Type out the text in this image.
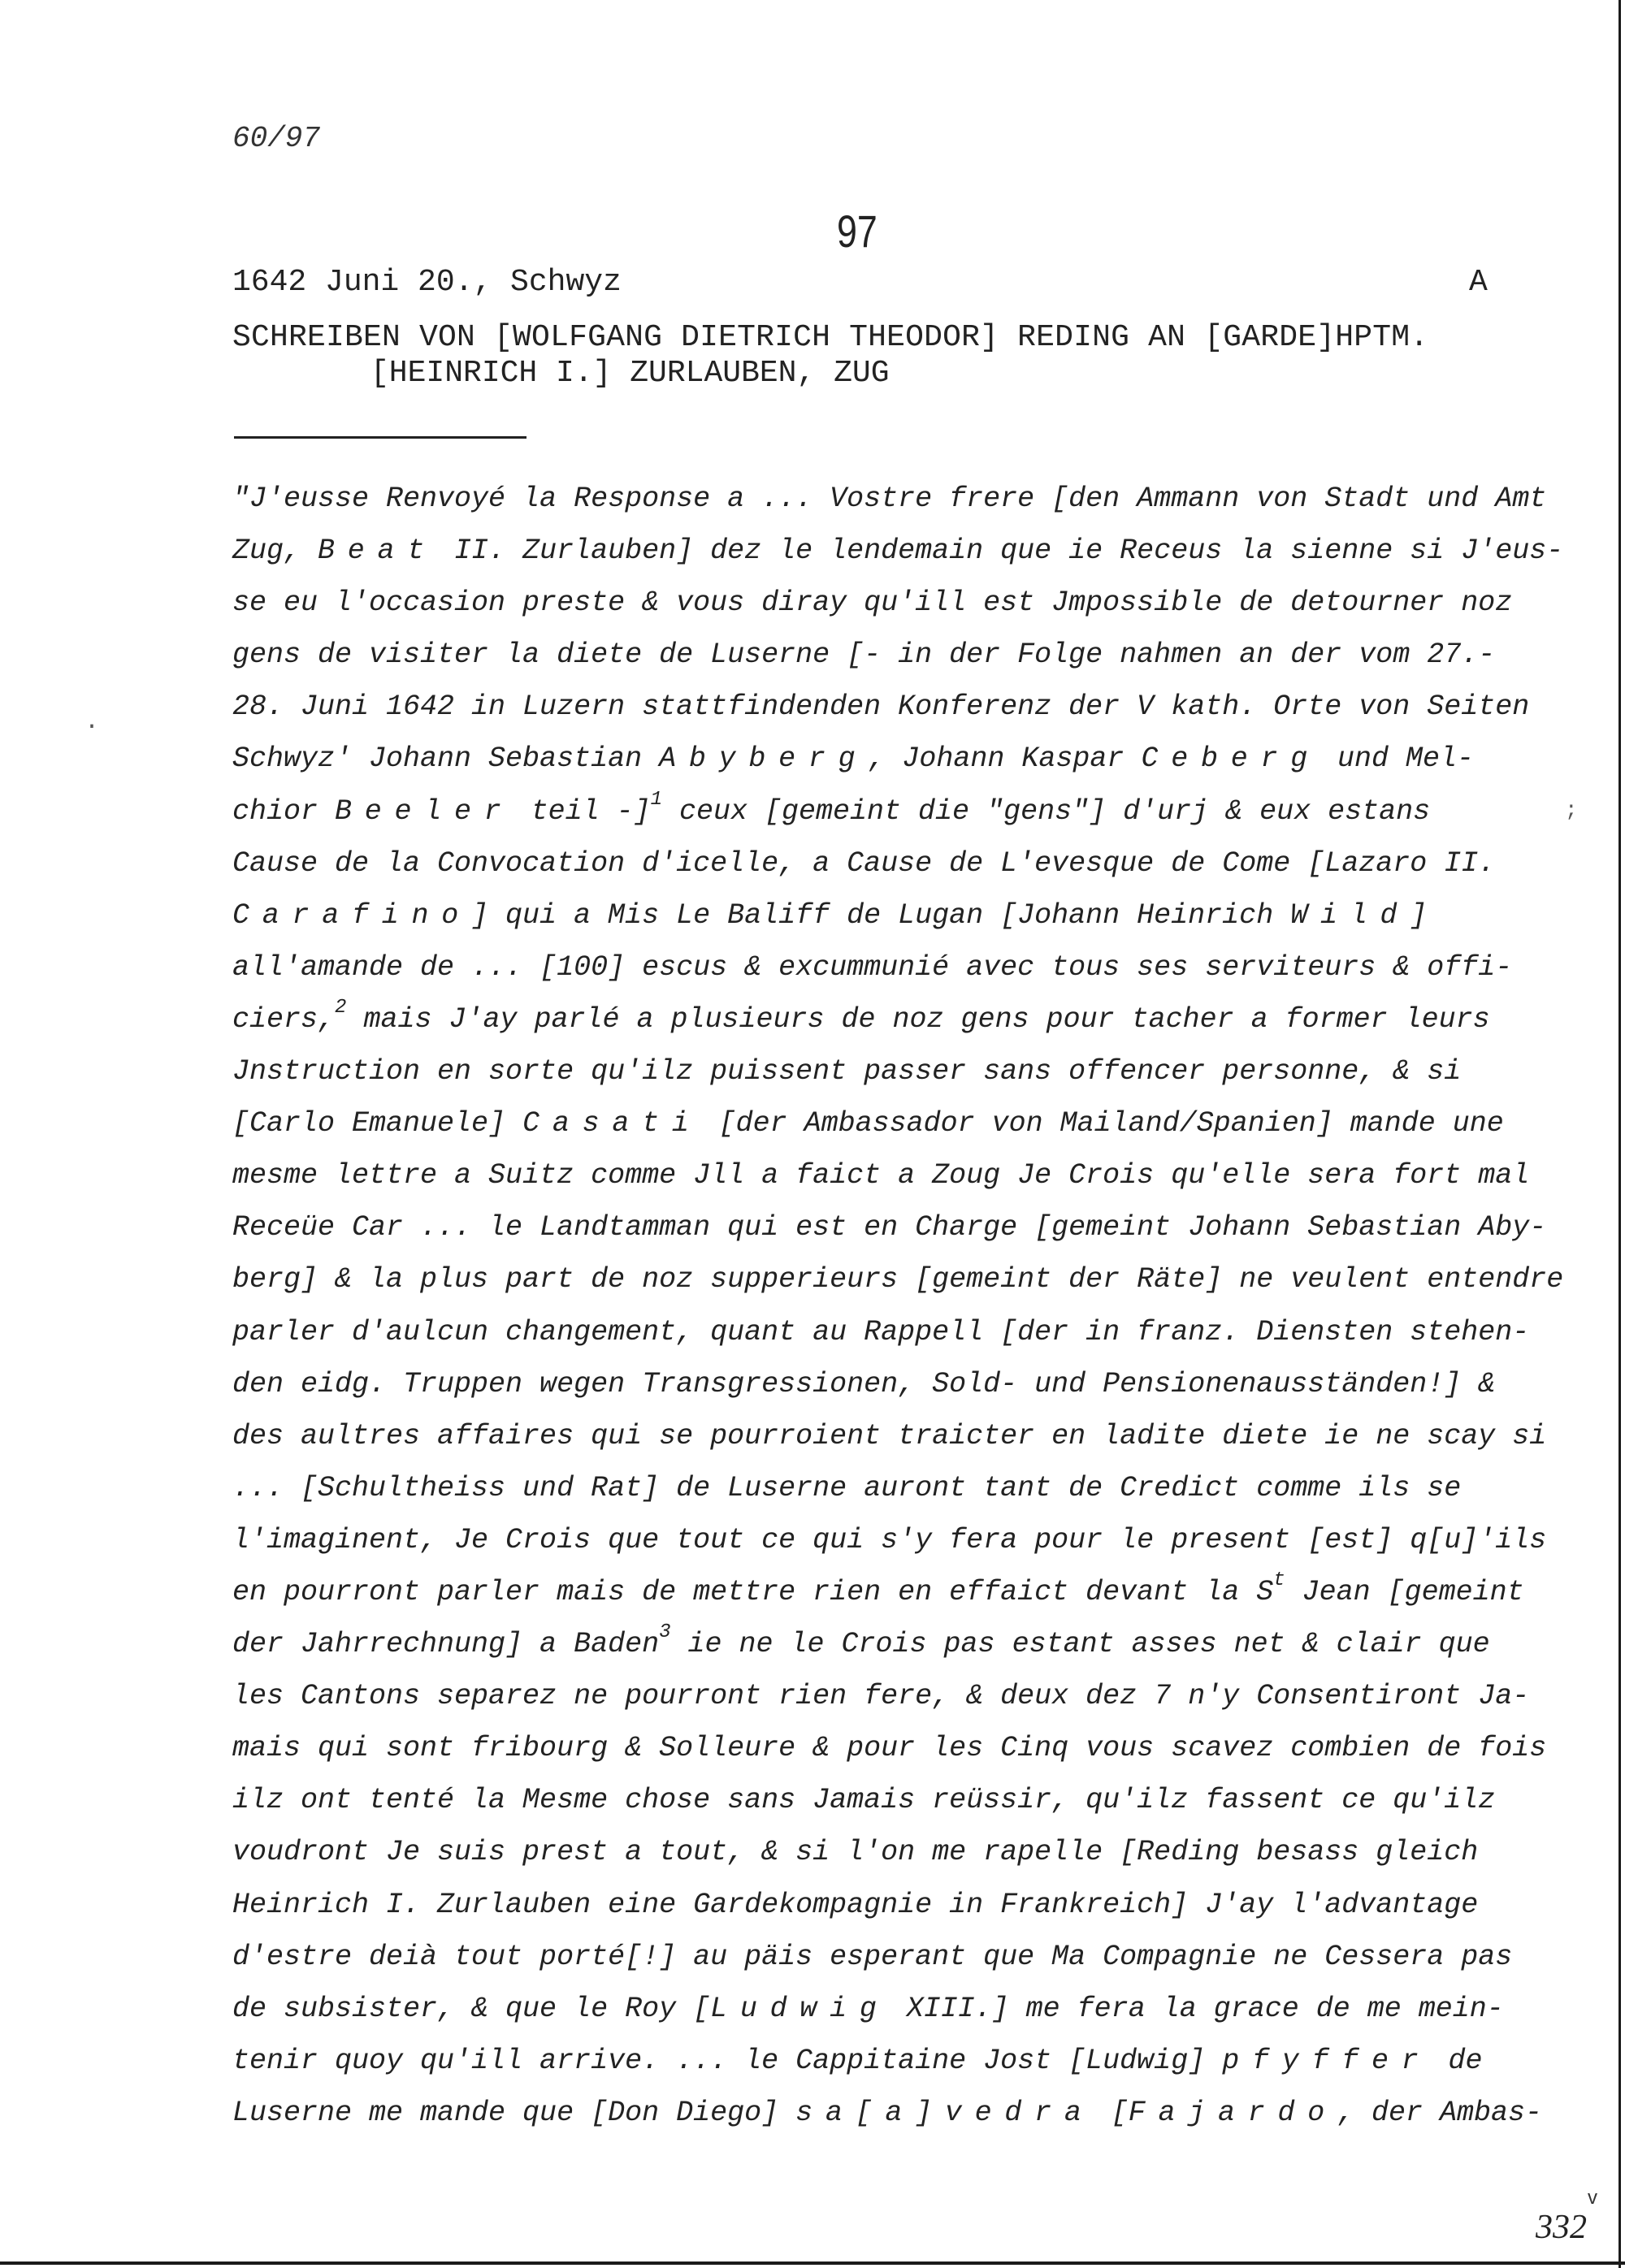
60/97
97
1642 Juni 20., Schwyz	A
SCHREIBEN VON [WOLFGANG DIETRICH THEODOR] REDING AN [GARDE]HPTM.
[HEINRICH I.] ZURLAUBEN, ZUG
.
;
"J'eusse Renvoyé la Response a ... Vostre frere [den Ammann von Stadt und Amt
Zug, Beat II. Zurlauben] dez le lendemain que ie Receus la sienne si J'eus-
se eu l'occasion preste & vous diray qu'ill est Jmpossible de detourner noz
gens de visiter la diete de Luserne [- in der Folge nahmen an der vom 27.-
28. Juni 1642 in Luzern stattfindenden Konferenz der V kath. Orte von Seiten
Schwyz' Johann Sebastian Abyberg, Johann Kaspar Ceberg und Mel-
chior Beeler teil -]$^1$ ceux [gemeint die "gens"] d'urj & eux estans
Cause de la Convocation d'icelle, a Cause de L'evesque de Come [Lazaro II.
Carafino] qui a Mis Le Baliff de Lugan [Johann Heinrich Wild]
all'amande de ... [100] escus & excummunié avec tous ses serviteurs & offi-
ciers,$^2$ mais J'ay parlé a plusieurs de noz gens pour tacher a former leurs
Jnstruction en sorte qu'ilz puissent passer sans offencer personne, & si
[Carlo Emanuele] Casati [der Ambassador von Mailand/Spanien] mande une
mesme lettre a Suitz comme Jll a faict a Zoug Je Crois qu'elle sera fort mal
Receüe Car ... le Landtamman qui est en Charge [gemeint Johann Sebastian Aby-
berg] & la plus part de noz supperieurs [gemeint der Räte] ne veulent entendre
parler d'aulcun changement, quant au Rappell [der in franz. Diensten stehen-
den eidg. Truppen wegen Transgressionen, Sold- und Pensionenausständen!] &
des aultres affaires qui se pourroient traicter en ladite diete ie ne scay si
... [Schultheiss und Rat] de Luserne auront tant de Credict comme ils se
l'imaginent, Je Crois que tout ce qui s'y fera pour le present [est] q[u]'ils
en pourront parler mais de mettre rien en effaict devant la $S^t$ Jean [gemeint
der Jahrrechnung] a Baden$^3$ ie ne le Crois pas estant asses net & clair que
les Cantons separez ne pourront rien fere, & deux dez 7 n'y Consentiront Ja-
mais qui sont fribourg & Solleure & pour les Cinq vous scavez combien de fois
ilz ont tenté la Mesme chose sans Jamais reüssir, qu'ilz fassent ce qu'ilz
voudront Je suis prest a tout, & si l'on me rapelle [Reding besass gleich
Heinrich I. Zurlauben eine Gardekompagnie in Frankreich] J'ay l'advantage
d'estre deià tout porté[!] au päis esperant que Ma Compagnie ne Cessera pas
de subsister, & que le Roy [Ludwig XIII.] me fera la grace de me mein-
tenir quoy qu'ill arrive. ... le Cappitaine Jost [Ludwig] pfyffer de
Luserne me mande que [Don Diego] sa[a]vedra [Fajardo, der Ambas-
v
332
